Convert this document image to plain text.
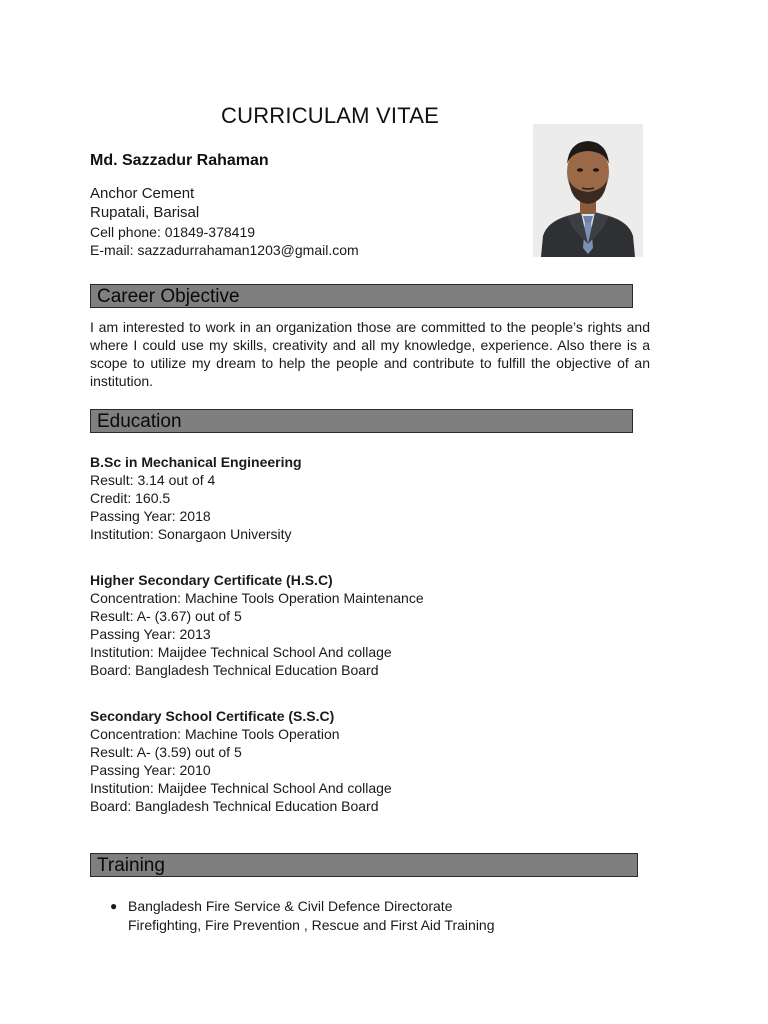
CURRICULAM VITAE
Md. Sazzadur Rahaman
Anchor Cement
Rupatali, Barisal
Cell phone: 01849-378419
E-mail: sazzadurrahaman1203@gmail.com
Career Objective
I am interested to work in an organization those are committed to the people’s rights and where I could use my skills, creativity and all my knowledge, experience. Also there is a scope to utilize my dream to help the people and contribute to fulfill the objective of an institution.
Education
B.Sc in Mechanical Engineering
Result: 3.14 out of 4
Credit: 160.5
Passing Year: 2018
Institution: Sonargaon University
Higher Secondary Certificate (H.S.C)
Concentration: Machine Tools Operation Maintenance
Result: A- (3.67) out of 5
Passing Year: 2013
Institution: Maijdee Technical School And collage
Board: Bangladesh Technical Education Board
Secondary School Certificate (S.S.C)
Concentration: Machine Tools Operation
Result: A- (3.59) out of 5
Passing Year: 2010
Institution: Maijdee Technical School And collage
Board: Bangladesh Technical Education Board
Training
● Bangladesh Fire Service & Civil Defence Directorate
Firefighting, Fire Prevention , Rescue and First Aid Training
